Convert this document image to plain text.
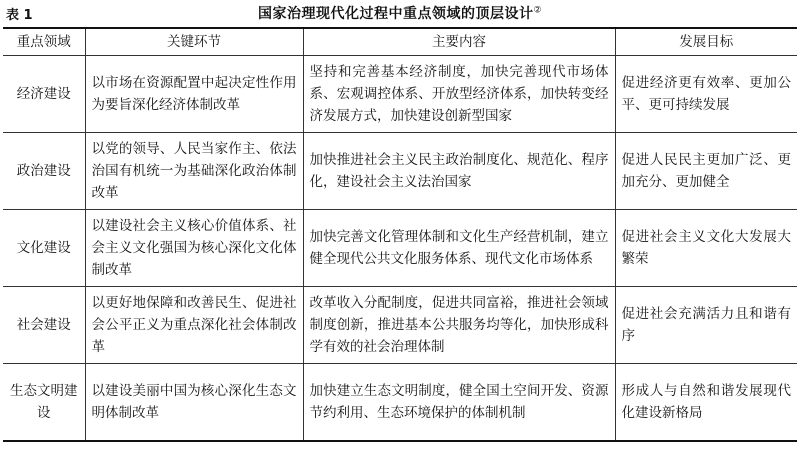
表 1	国家治理现代化过程中重点领域的顶层设计②
重点领域	关键环节	主要内容	发展目标
经济建设	以市场在资源配置中起决定性作用为要旨深化经济体制改革	坚持和完善基本经济制度，加快完善现代市场体系、宏观调控体系、开放型经济体系，加快转变经济发展方式，加快建设创新型国家	促进经济更有效率、更加公平、更可持续发展
政治建设	以党的领导、人民当家作主、依法治国有机统一为基础深化政治体制改革	加快推进社会主义民主政治制度化、规范化、程序化，建设社会主义法治国家	促进人民民主更加广泛、更加充分、更加健全
文化建设	以建设社会主义核心价值体系、社会主义文化强国为核心深化文化体制改革	加快完善文化管理体制和文化生产经营机制，建立健全现代公共文化服务体系、现代文化市场体系	促进社会主义文化大发展大繁荣
社会建设	以更好地保障和改善民生、促进社会公平正义为重点深化社会体制改革	改革收入分配制度，促进共同富裕，推进社会领域制度创新，推进基本公共服务均等化，加快形成科学有效的社会治理体制	促进社会充满活力且和谐有序
生态文明建设	以建设美丽中国为核心深化生态文明体制改革	加快建立生态文明制度，健全国土空间开发、资源节约利用、生态环境保护的体制机制	形成人与自然和谐发展现代化建设新格局
